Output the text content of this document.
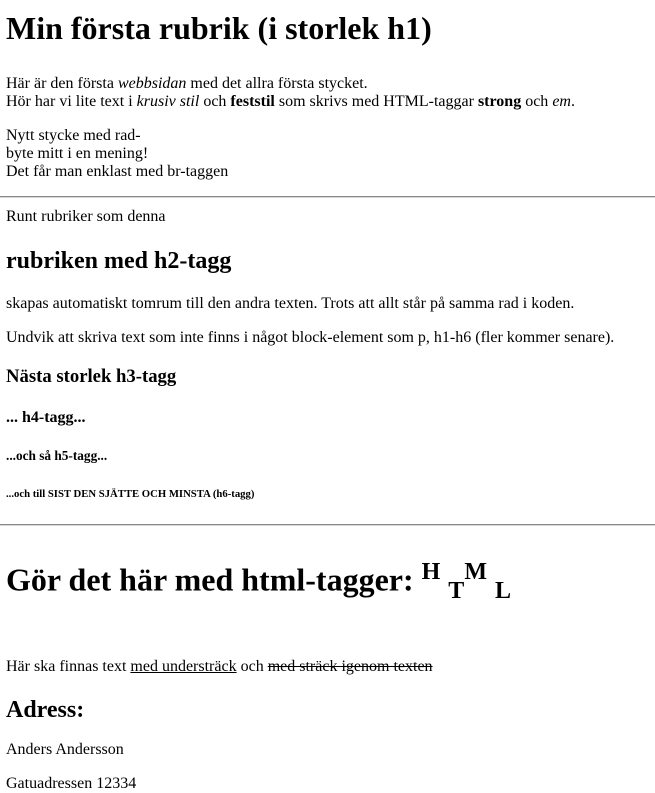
Min första rubrik (i storlek h1)

Här är den första webbsidan med det allra första stycket.
Hör har vi lite text i krusiv stil och feststil som skrivs med HTML-taggar strong och em.

Nytt stycke med rad-
byte mitt i en mening!
Det får man enklast med br-taggen

Runt rubriker som denna

rubriken med h2-tagg

skapas automatiskt tomrum till den andra texten. Trots att allt står på samma rad i koden.

Undvik att skriva text som inte finns i något block-element som p, h1-h6 (fler kommer senare).

Nästa storlek h3-tagg
... h4-tagg...
...och så h5-tagg...
...och till SIST DEN SJÄTTE OCH MINSTA (h6-tagg)
Gör det här med html-tagger: $^H$ $_T^M$ $_L$

Här ska finnas text med understräck och med sträck igenom texten

Adress:

Anders Andersson

Gatuadressen 12334
